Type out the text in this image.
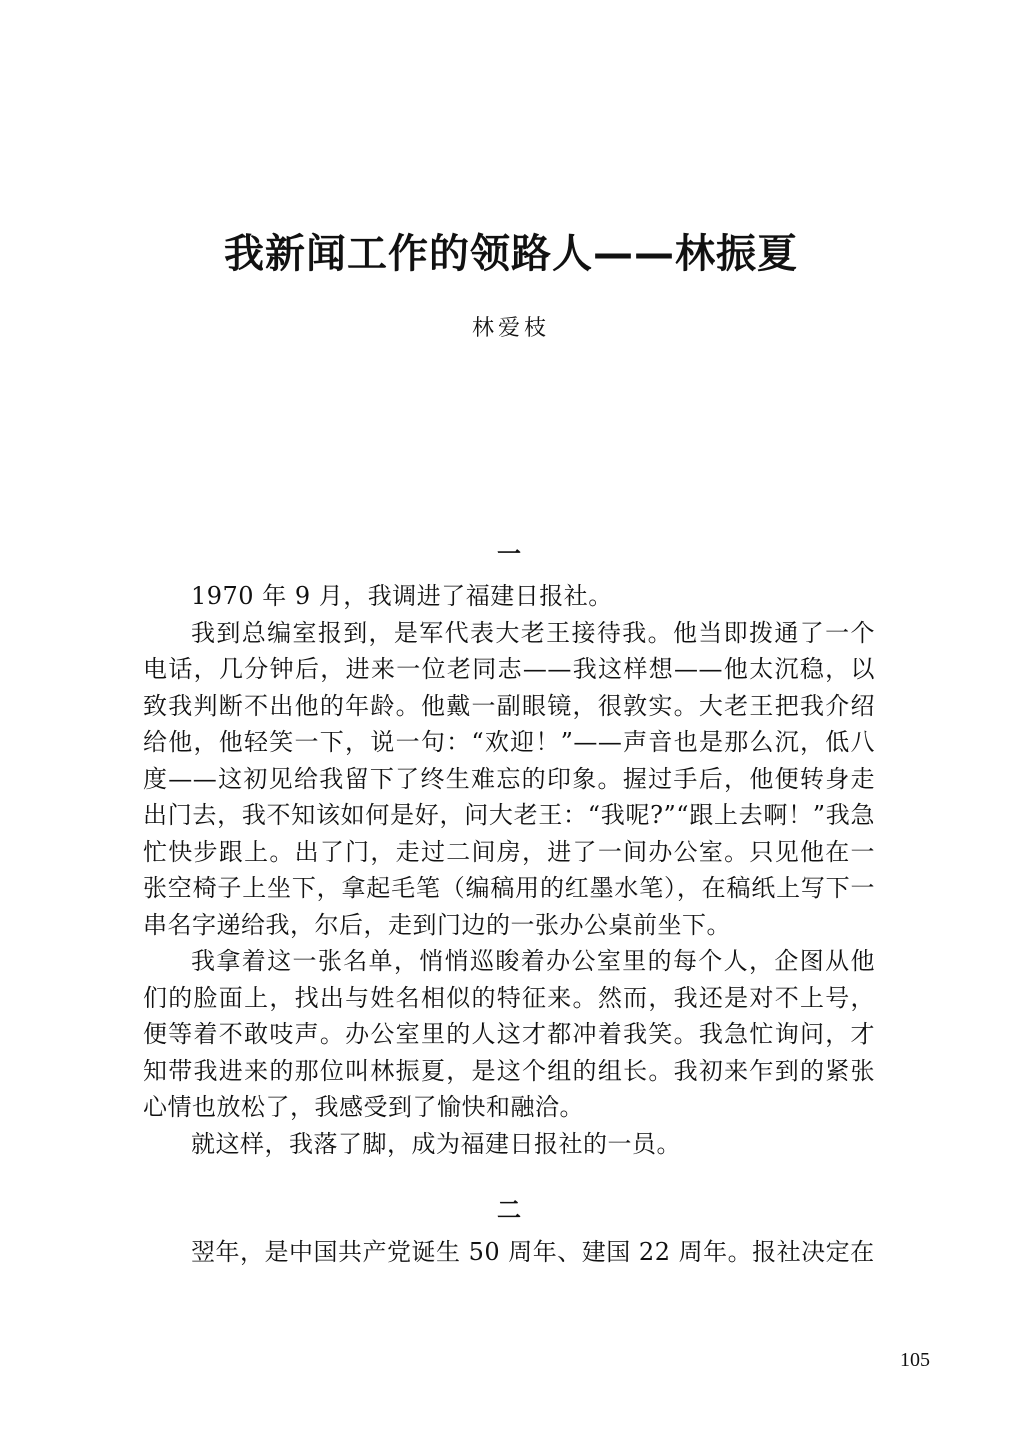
我新闻工作的领路人——林振夏
林爱枝
一

1970 年 9 月，我调进了福建日报社。

我到总编室报到，是军代表大老王接待我。他当即拨通了一个电话，几分钟后，进来一位老同志——我这样想——他太沉稳，以致我判断不出他的年龄。他戴一副眼镜，很敦实。大老王把我介绍给他，他轻笑一下，说一句：“欢迎！”——声音也是那么沉，低八度——这初见给我留下了终生难忘的印象。握过手后，他便转身走出门去，我不知该如何是好，问大老王：“我呢?”“跟上去啊！”我急忙快步跟上。出了门，走过二间房，进了一间办公室。只见他在一张空椅子上坐下，拿起毛笔（编稿用的红墨水笔），在稿纸上写下一串名字递给我，尔后，走到门边的一张办公桌前坐下。

我拿着这一张名单，悄悄巡睃着办公室里的每个人，企图从他们的脸面上，找出与姓名相似的特征来。然而，我还是对不上号，便等着不敢吱声。办公室里的人这才都冲着我笑。我急忙询问，才知带我进来的那位叫林振夏，是这个组的组长。我初来乍到的紧张心情也放松了，我感受到了愉快和融洽。

就这样，我落了脚，成为福建日报社的一员。

二

翌年，是中国共产党诞生 50 周年、建国 22 周年。报社决定在

105
